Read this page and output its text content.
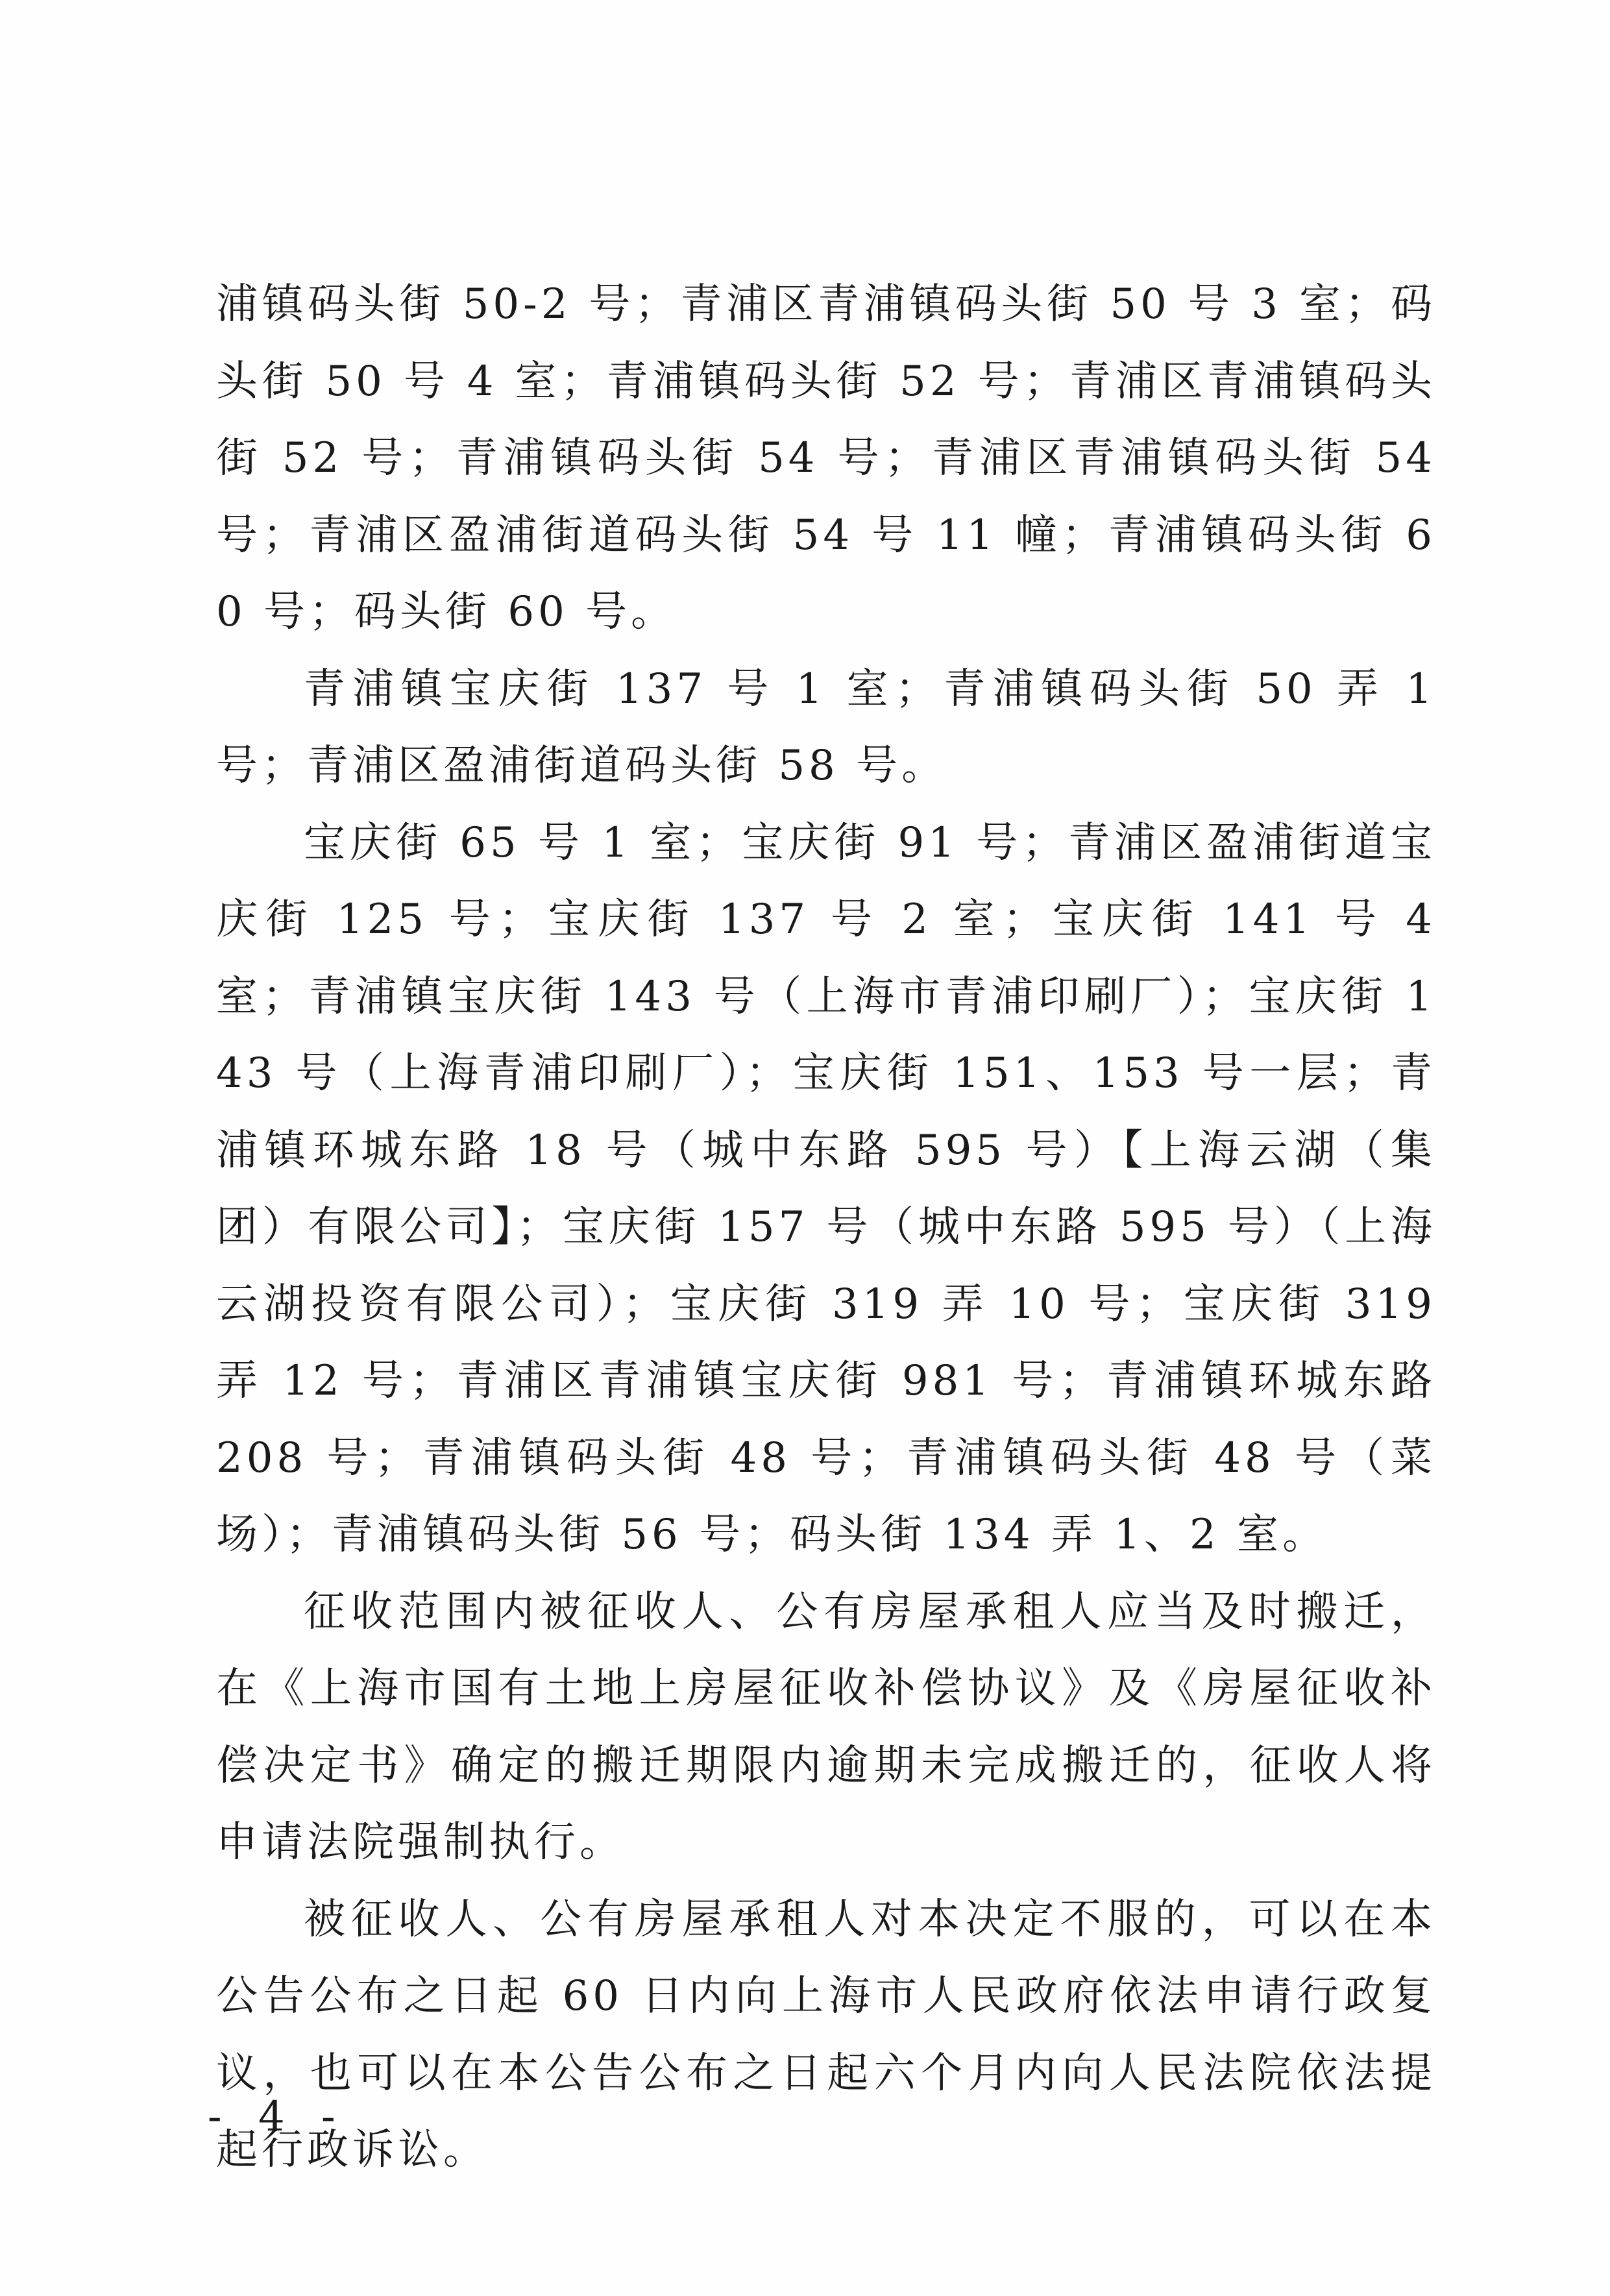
浦镇码头街 50-2 号；青浦区青浦镇码头街 50 号 3 室；码头街 50 号 4 室；青浦镇码头街 52 号；青浦区青浦镇码头街 52 号；青浦镇码头街 54 号；青浦区青浦镇码头街 54 号；青浦区盈浦街道码头街 54 号 11 幢；青浦镇码头街 60 号；码头街 60 号。

青浦镇宝庆街 137 号 1 室；青浦镇码头街 50 弄 1 号；青浦区盈浦街道码头街 58 号。

宝庆街 65 号 1 室；宝庆街 91 号；青浦区盈浦街道宝庆街 125 号；宝庆街 137 号 2 室；宝庆街 141 号 4 室；青浦镇宝庆街 143 号（上海市青浦印刷厂）；宝庆街 143 号（上海青浦印刷厂）；宝庆街 151、153 号一层；青浦镇环城东路 18 号（城中东路 595 号）【上海云湖（集团）有限公司】；宝庆街 157 号（城中东路 595 号）（上海云湖投资有限公司）；宝庆街 319 弄 10 号；宝庆街 319 弄 12 号；青浦区青浦镇宝庆街 981 号；青浦镇环城东路 208 号；青浦镇码头街 48 号；青浦镇码头街 48 号（菜场）；青浦镇码头街 56 号；码头街 134 弄 1、2 室。

征收范围内被征收人、公有房屋承租人应当及时搬迁，在《上海市国有土地上房屋征收补偿协议》及《房屋征收补偿决定书》确定的搬迁期限内逾期未完成搬迁的，征收人将申请法院强制执行。

被征收人、公有房屋承租人对本决定不服的，可以在本公告公布之日起 60 日内向上海市人民政府依法申请行政复议，也可以在本公告公布之日起六个月内向人民法院依法提起行政诉讼。

- 4 -
